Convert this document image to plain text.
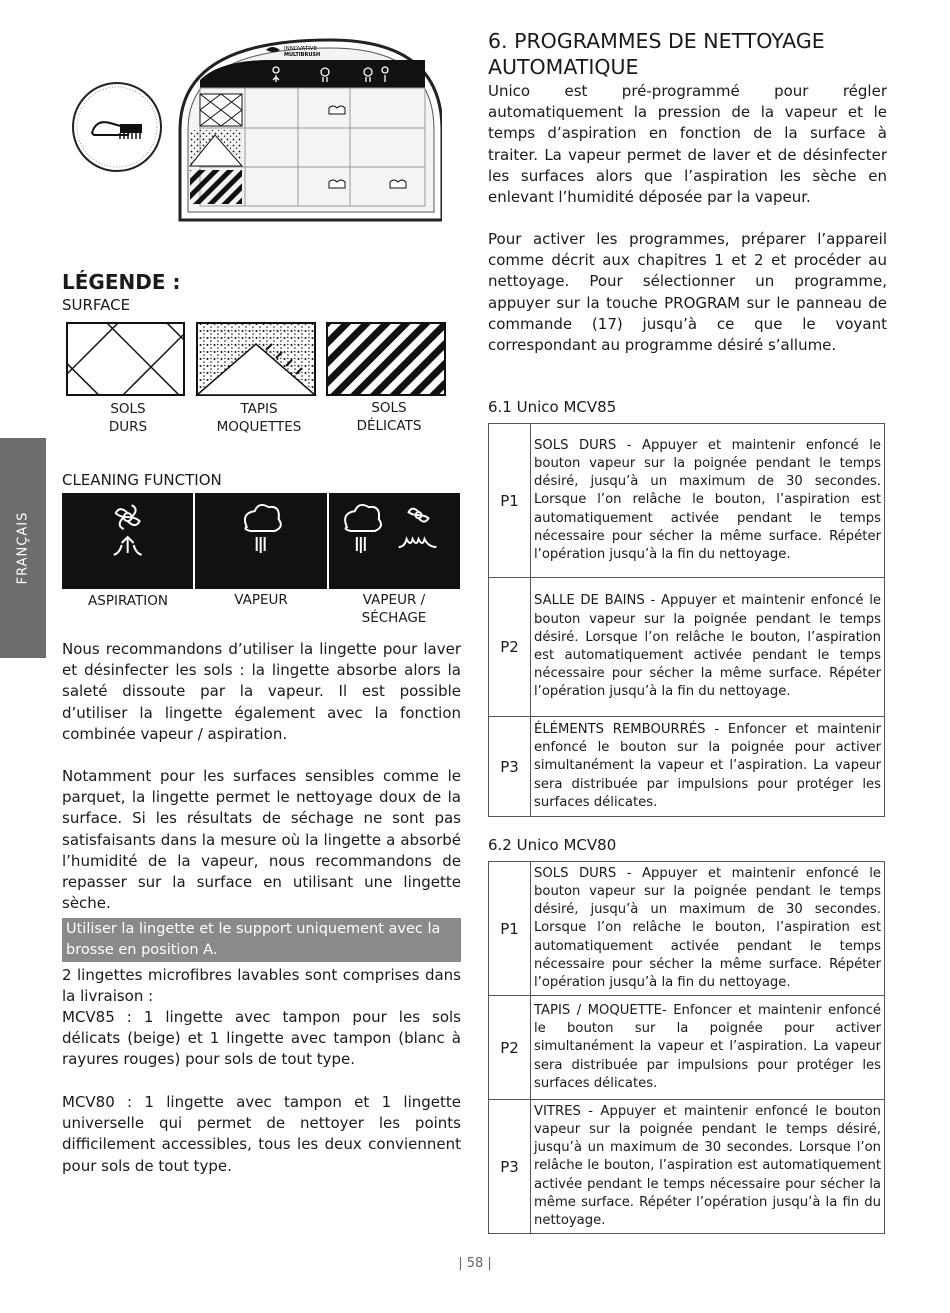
FRANÇAIS
INNOVATIVE
MULTIBRUSH
LÉGENDE :
SURFACE
SOLS
DURS
TAPIS
MOQUETTES
SOLS
DÉLICATS
CLEANING FUNCTION
ASPIRATION	VAPEUR	VAPEUR /
SÉCHAGE

Nous recommandons d’utiliser la lingette pour laver et désinfecter les sols : la lingette absorbe alors la saleté dissoute par la vapeur. Il est possible d’utiliser la lingette également avec la fonction combinée vapeur / aspiration.

Notamment pour les surfaces sensibles comme le parquet, la lingette permet le nettoyage doux de la surface. Si les résultats de séchage ne sont pas satisfaisants dans la mesure où la lingette a absorbé l’humidité de la vapeur, nous recommandons de repasser sur la surface en utilisant une lingette sèche.

Utiliser la lingette et le support uniquement avec la brosse en position A.

2 lingettes microfibres lavables sont comprises dans la livraison :

MCV85 : 1 lingette avec tampon pour les sols délicats (beige) et 1 lingette avec tampon (blanc à rayures rouges) pour sols de tout type.

MCV80 : 1 lingette avec tampon et 1 lingette universelle qui permet de nettoyer les points difficilement accessibles, tous les deux conviennent pour sols de tout type.

6. PROGRAMMES DE NETTOYAGE
AUTOMATIQUE

Unico est pré-programmé pour régler automatiquement la pression de la vapeur et le temps d’aspiration en fonction de la surface à traiter. La vapeur permet de laver et de désinfecter les surfaces alors que l’aspiration les sèche en enlevant l’humidité déposée par la vapeur.

Pour activer les programmes, préparer l’appareil comme décrit aux chapitres 1 et 2 et procéder au nettoyage. Pour sélectionner un programme, appuyer sur la touche PROGRAM sur le panneau de commande (17) jusqu’à ce que le voyant correspondant au programme désiré s’allume.

6.1 Unico MCV85
P1	SOLS DURS - Appuyer et maintenir enfoncé le bouton vapeur sur la poignée pendant le temps désiré, jusqu’à un maximum de 30 secondes. Lorsque l’on relâche le bouton, l’aspiration est automatiquement activée pendant le temps nécessaire pour sécher la même surface. Répéter l’opération jusqu’à la fin du nettoyage.
P2	SALLE DE BAINS - Appuyer et maintenir enfoncé le bouton vapeur sur la poignée pendant le temps désiré. Lorsque l’on relâche le bouton, l’aspiration est automatiquement activée pendant le temps nécessaire pour sécher la même surface. Répéter l’opération jusqu’à la fin du nettoyage.
P3	ÉLÉMENTS REMBOURRÉS - Enfoncer et maintenir enfoncé le bouton sur la poignée pour activer simultanément la vapeur et l’aspiration. La vapeur sera distribuée par impulsions pour protéger les surfaces délicates.
6.2 Unico MCV80
P1	SOLS DURS - Appuyer et maintenir enfoncé le bouton vapeur sur la poignée pendant le temps désiré, jusqu’à un maximum de 30 secondes. Lorsque l’on relâche le bouton, l’aspiration est automatiquement activée pendant le temps nécessaire pour sécher la même surface. Répéter l’opération jusqu’à la fin du nettoyage.
P2	TAPIS / MOQUETTE- Enfoncer et maintenir enfoncé le bouton sur la poignée pour activer simultanément la vapeur et l’aspiration. La vapeur sera distribuée par impulsions pour protéger les surfaces délicates.
P3	VITRES - Appuyer et maintenir enfoncé le bouton vapeur sur la poignée pendant le temps désiré, jusqu’à un maximum de 30 secondes. Lorsque l’on relâche le bouton, l’aspiration est automatiquement activée pendant le temps nécessaire pour sécher la même surface. Répéter l’opération jusqu’à la fin du nettoyage.
| 58 |
